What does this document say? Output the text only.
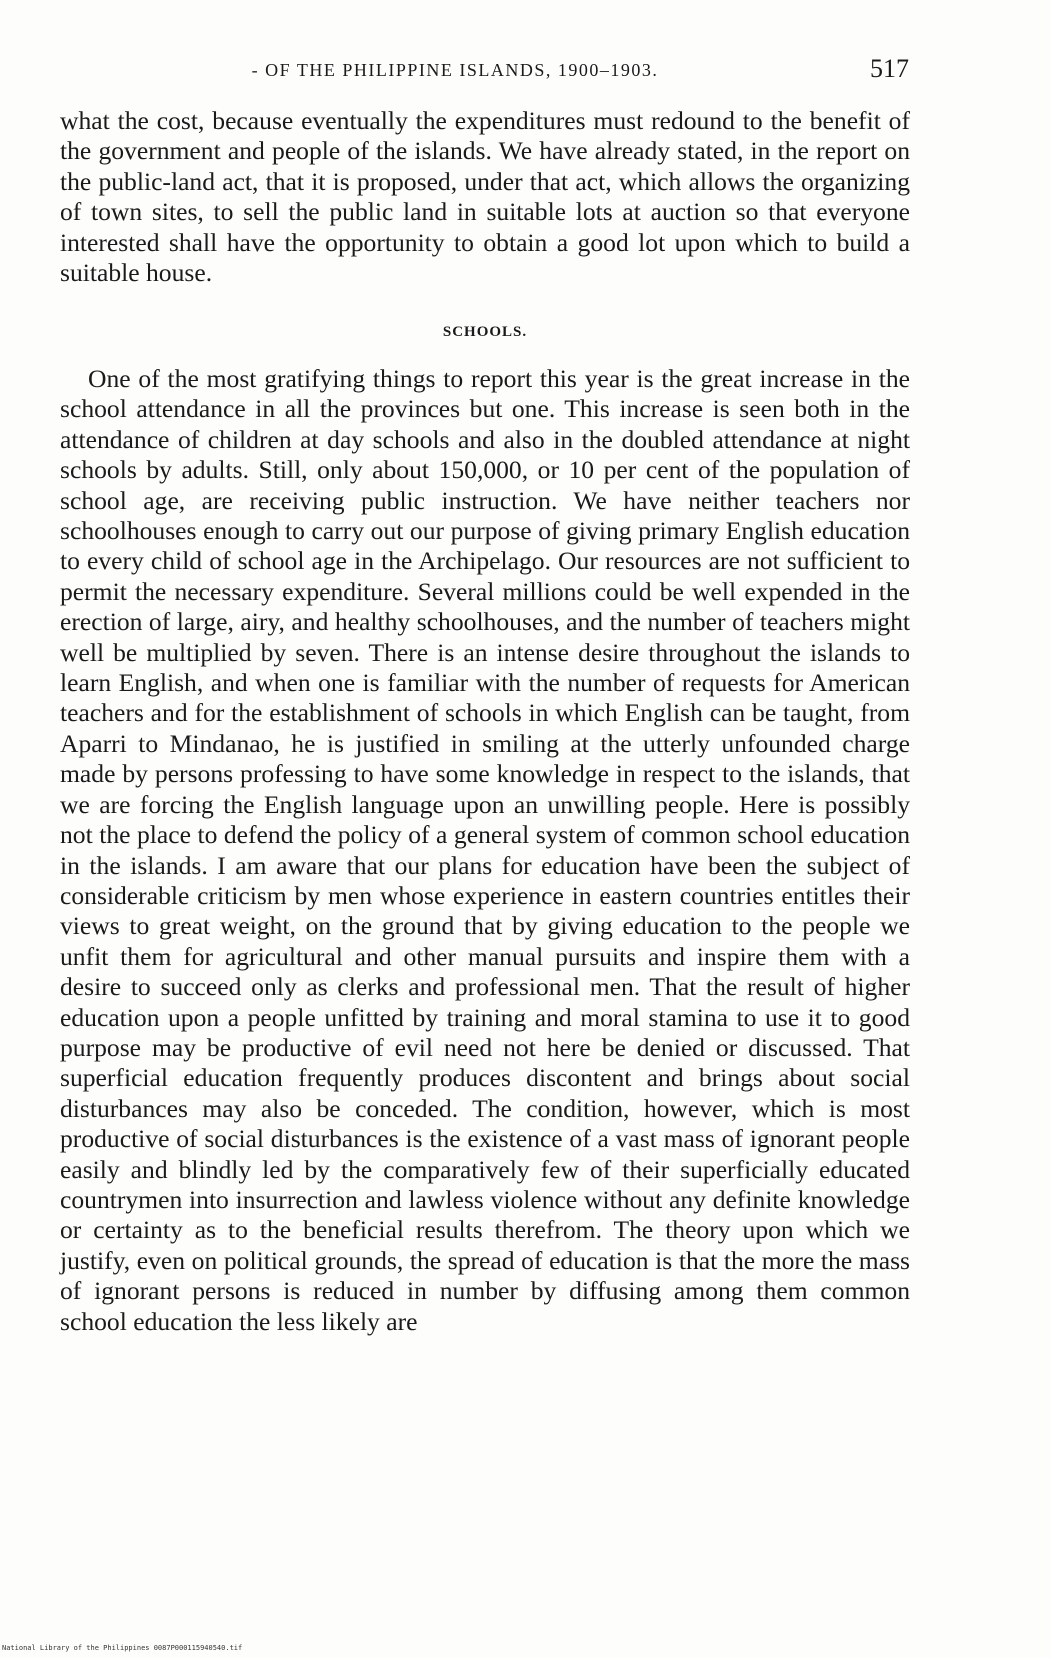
- OF THE PHILIPPINE ISLANDS, 1900–1903.	517

what the cost, because eventually the expenditures must redound to the benefit of the government and people of the islands. We have already stated, in the report on the public-land act, that it is proposed, under that act, which allows the organizing of town sites, to sell the public land in suitable lots at auction so that everyone interested shall have the opportunity to obtain a good lot upon which to build a suitable house.

SCHOOLS.

One of the most gratifying things to report this year is the great increase in the school attendance in all the provinces but one. This increase is seen both in the attendance of children at day schools and also in the doubled attendance at night schools by adults. Still, only about 150,000, or 10 per cent of the population of school age, are receiving public instruction. We have neither teachers nor schoolhouses enough to carry out our purpose of giving primary English education to every child of school age in the Archipelago. Our resources are not sufficient to permit the necessary expenditure. Several millions could be well expended in the erection of large, airy, and healthy schoolhouses, and the number of teachers might well be multiplied by seven. There is an intense desire throughout the islands to learn English, and when one is familiar with the number of requests for American teachers and for the establishment of schools in which English can be taught, from Aparri to Mindanao, he is justified in smiling at the utterly unfounded charge made by persons professing to have some knowledge in respect to the islands, that we are forcing the English language upon an unwilling people. Here is possibly not the place to defend the policy of a general system of common school education in the islands. I am aware that our plans for education have been the subject of considerable criticism by men whose experience in eastern countries entitles their views to great weight, on the ground that by giving education to the people we unfit them for agricultural and other manual pursuits and inspire them with a desire to succeed only as clerks and professional men. That the result of higher education upon a people unfitted by training and moral stamina to use it to good purpose may be productive of evil need not here be denied or discussed. That superficial education frequently produces discontent and brings about social disturbances may also be conceded. The condition, however, which is most productive of social disturbances is the existence of a vast mass of ignorant people easily and blindly led by the comparatively few of their superficially educated countrymen into insurrection and lawless violence without any definite knowledge or certainty as to the beneficial results therefrom. The theory upon which we justify, even on political grounds, the spread of education is that the more the mass of ignorant persons is reduced in number by diffusing among them common school education the less likely are

National Library of the Philippines 0087P000115940540.tif
